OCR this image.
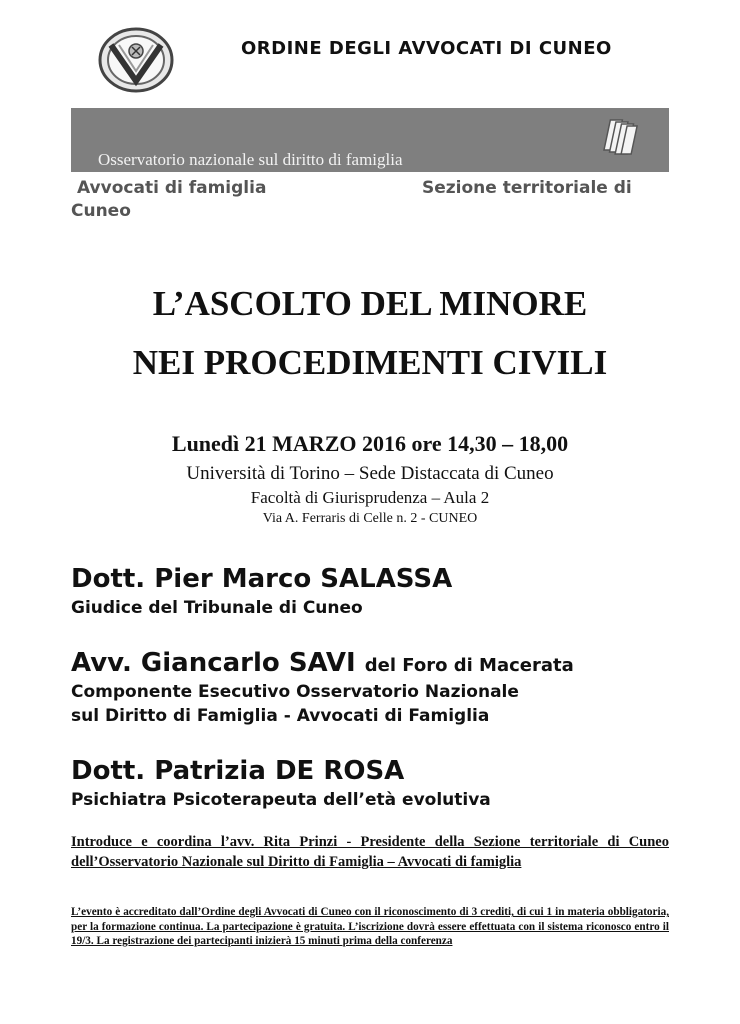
ORDINE DEGLI AVVOCATI DI CUNEO
Osservatorio nazionale sul diritto di famiglia
Avvocati di famiglia	Sezione territoriale di
Cuneo
L’ASCOLTO DEL MINORE
NEI PROCEDIMENTI CIVILI
Lunedì 21 MARZO 2016 ore 14,30 – 18,00
Università di Torino – Sede Distaccata di Cuneo
Facoltà di Giurisprudenza – Aula 2
Via A. Ferraris di Celle n. 2 - CUNEO
Dott. Pier Marco SALASSA
Giudice del Tribunale di Cuneo
Avv. Giancarlo SAVI del Foro di Macerata
Componente Esecutivo Osservatorio Nazionale
sul Diritto di Famiglia - Avvocati di Famiglia
Dott. Patrizia DE ROSA
Psichiatra Psicoterapeuta dell’età evolutiva
Introduce e coordina l’avv. Rita Prinzi - Presidente della Sezione territoriale di Cuneo dell’Osservatorio Nazionale sul Diritto di Famiglia – Avvocati di famiglia
L’evento è accreditato dall’Ordine degli Avvocati di Cuneo con il riconoscimento di 3 crediti, di cui 1 in materia obbligatoria, per la formazione continua. La partecipazione è gratuita. L’iscrizione dovrà essere effettuata con il sistema riconosco entro il 19/3. La registrazione dei partecipanti inizierà 15 minuti prima della conferenza
